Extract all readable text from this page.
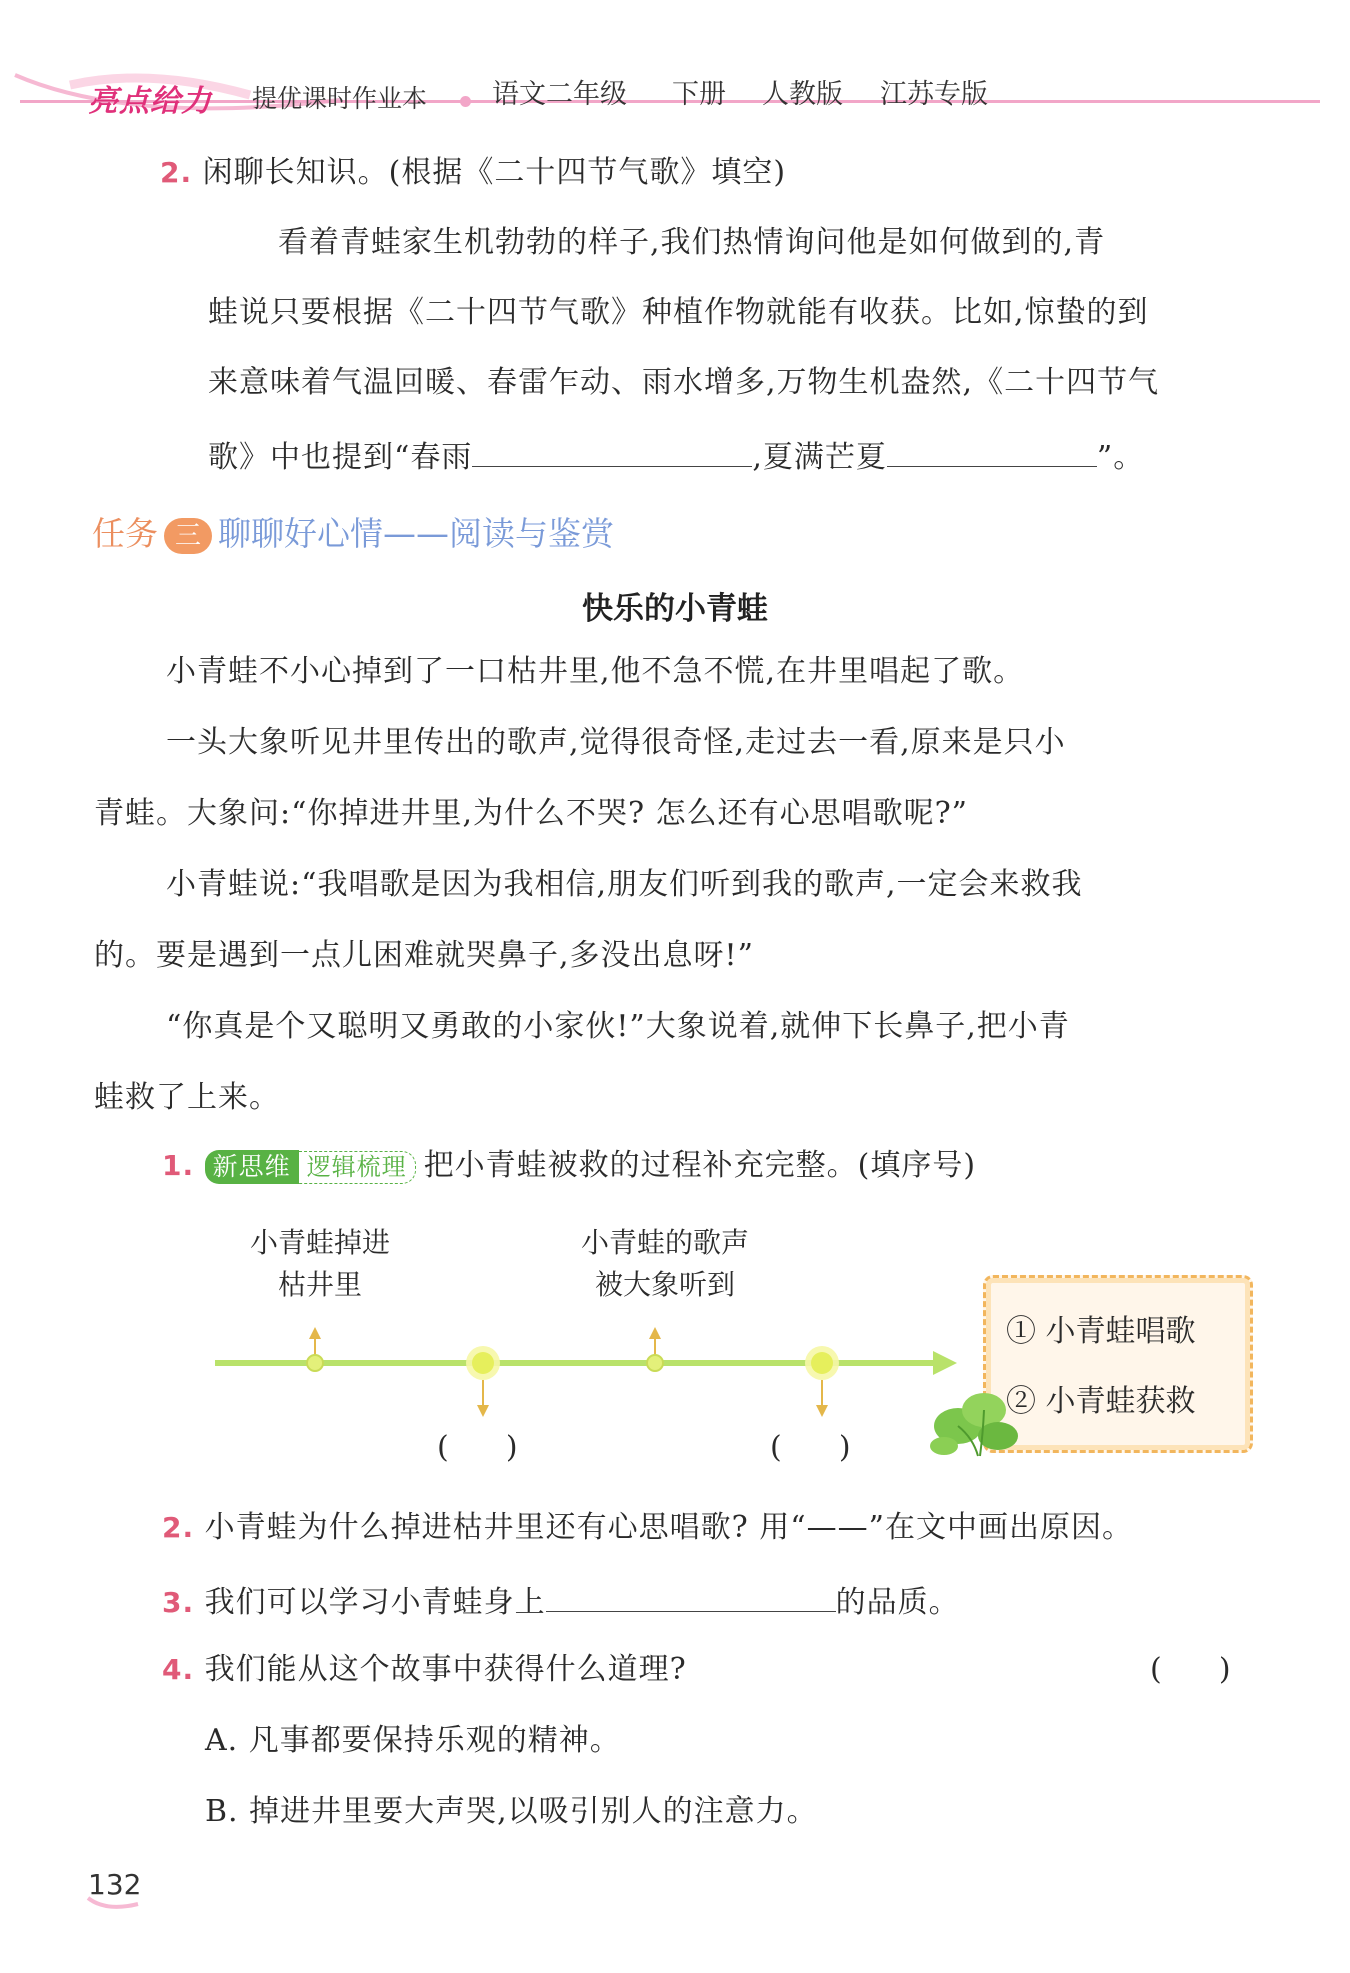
亮点给力 提优课时作业本 语文二年级 下册 人教版 江苏专版
2. 闲聊长知识。(根据《二十四节气歌》填空)
看着青蛙家生机勃勃的样子,我们热情询问他是如何做到的,青
蛙说只要根据《二十四节气歌》种植作物就能有收获。比如,惊蛰的到
来意味着气温回暖、春雷乍动、雨水增多,万物生机盎然,《二十四节气
歌》中也提到“春雨	,夏满芒夏	”。
任务 三 聊聊好心情——阅读与鉴赏
快乐的小青蛙
小青蛙不小心掉到了一口枯井里,他不急不慌,在井里唱起了歌。
一头大象听见井里传出的歌声,觉得很奇怪,走过去一看,原来是只小
青蛙。大象问:“你掉进井里,为什么不哭? 怎么还有心思唱歌呢?”
小青蛙说:“我唱歌是因为我相信,朋友们听到我的歌声,一定会来救我
的。要是遇到一点儿困难就哭鼻子,多没出息呀!”
“你真是个又聪明又勇敢的小家伙!”大象说着,就伸下长鼻子,把小青
蛙救了上来。
1. 新思维 逻辑梳理 把小青蛙被救的过程补充完整。(填序号)
小青蛙掉进
枯井里
小青蛙的歌声
被大象听到
(      )	(      )
① 小青蛙唱歌
② 小青蛙获救
2. 小青蛙为什么掉进枯井里还有心思唱歌? 用“——”在文中画出原因。
3. 我们可以学习小青蛙身上	的品质。
4. 我们能从这个故事中获得什么道理?	(      )
A. 凡事都要保持乐观的精神。
B. 掉进井里要大声哭,以吸引别人的注意力。
132
